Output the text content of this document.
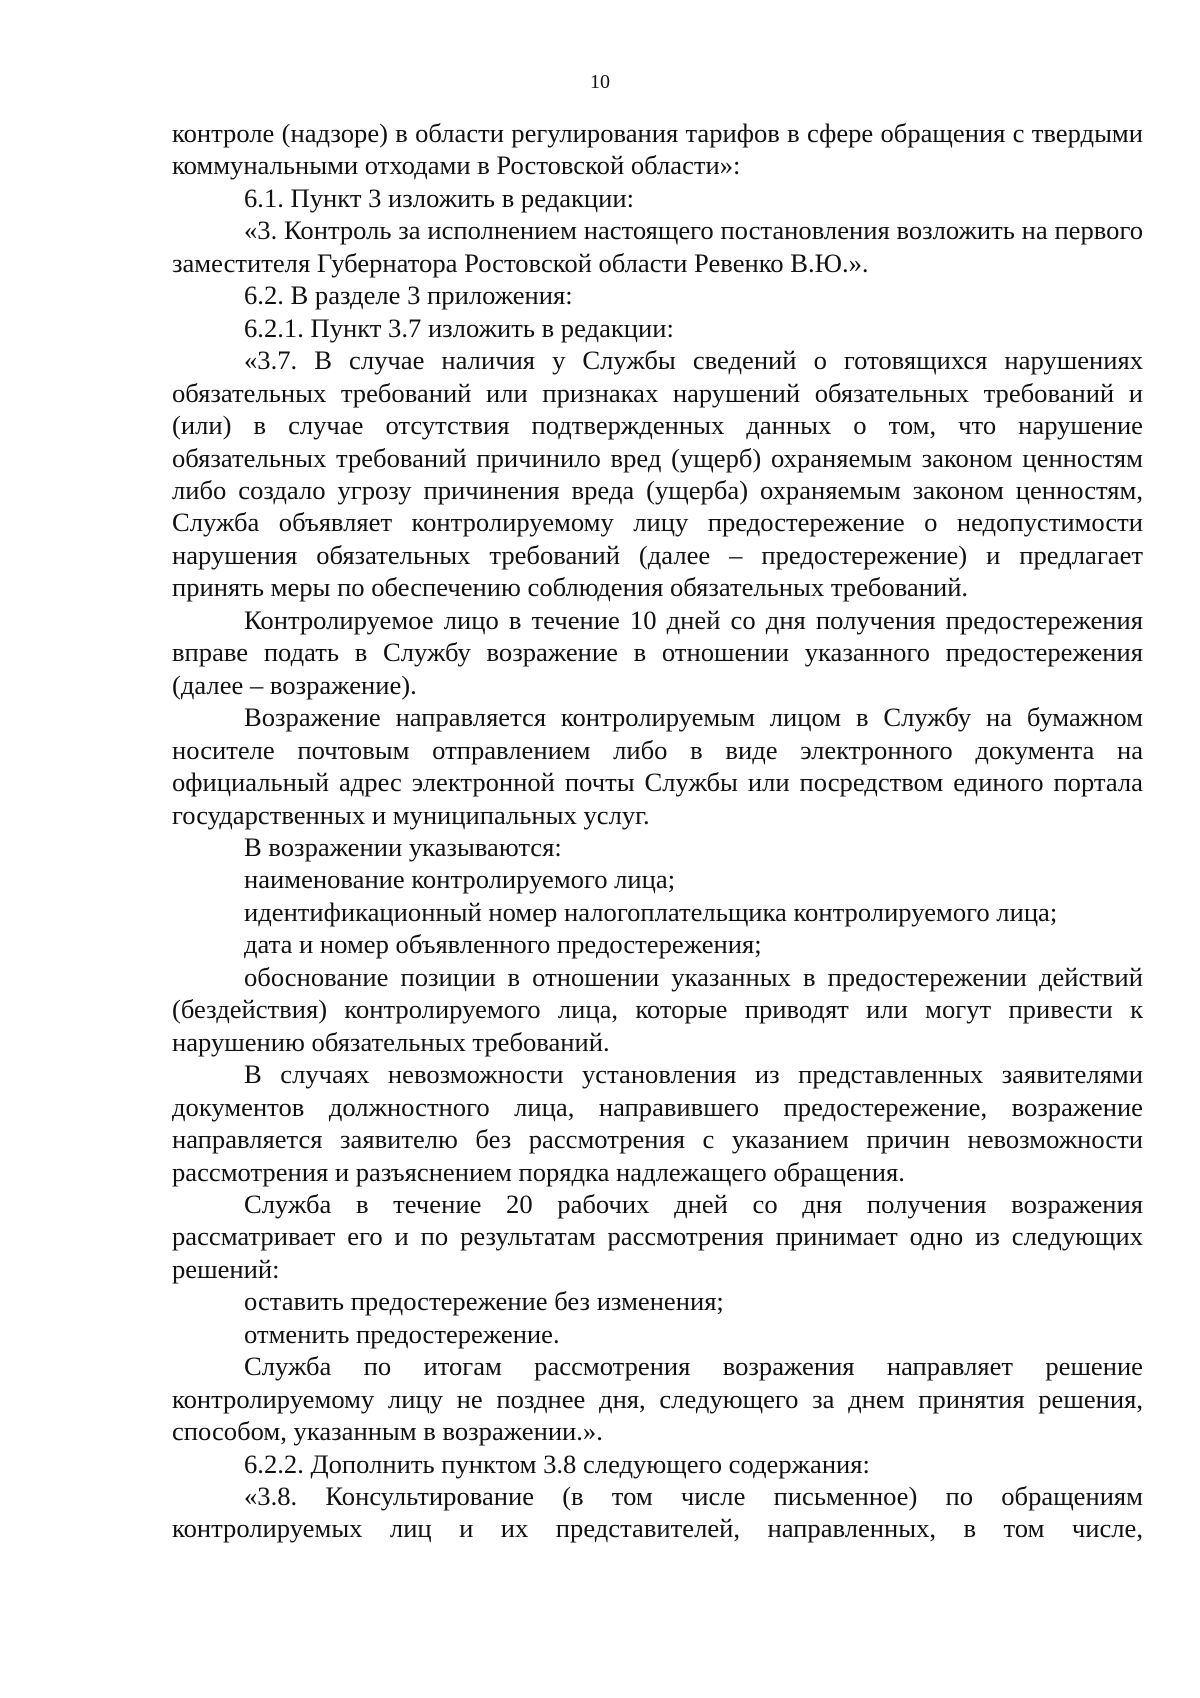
10

контроле (надзоре) в области регулирования тарифов в сфере обращения с твердыми коммунальными отходами в Ростовской области»:

6.1. Пункт 3 изложить в редакции:

«3. Контроль за исполнением настоящего постановления возложить на первого заместителя Губернатора Ростовской области Ревенко В.Ю.».

6.2. В разделе 3 приложения:

6.2.1. Пункт 3.7 изложить в редакции:

«3.7. В случае наличия у Службы сведений о готовящихся нарушениях обязательных требований или признаках нарушений обязательных требований и (или) в случае отсутствия подтвержденных данных о том, что нарушение обязательных требований причинило вред (ущерб) охраняемым законом ценностям либо создало угрозу причинения вреда (ущерба) охраняемым законом ценностям, Служба объявляет контролируемому лицу предостережение о недопустимости нарушения обязательных требований (далее – предостережение) и предлагает принять меры по обеспечению соблюдения обязательных требований.

Контролируемое лицо в течение 10 дней со дня получения предостережения вправе подать в Службу возражение в отношении указанного предостережения (далее – возражение).

Возражение направляется контролируемым лицом в Службу на бумажном носителе почтовым отправлением либо в виде электронного документа на официальный адрес электронной почты Службы или посредством единого портала государственных и муниципальных услуг.

В возражении указываются:

наименование контролируемого лица;

идентификационный номер налогоплательщика контролируемого лица;

дата и номер объявленного предостережения;

обоснование позиции в отношении указанных в предостережении действий (бездействия) контролируемого лица, которые приводят или могут привести к нарушению обязательных требований.

В случаях невозможности установления из представленных заявителями документов должностного лица, направившего предостережение, возражение направляется заявителю без рассмотрения с указанием причин невозможности рассмотрения и разъяснением порядка надлежащего обращения.

Служба в течение 20 рабочих дней со дня получения возражения рассматривает его и по результатам рассмотрения принимает одно из следующих решений:

оставить предостережение без изменения;

отменить предостережение.

Служба по итогам рассмотрения возражения направляет решение контролируемому лицу не позднее дня, следующего за днем принятия решения, способом, указанным в возражении.».

6.2.2. Дополнить пунктом 3.8 следующего содержания:

«3.8. Консультирование (в том числе письменное) по обращениям контролируемых лиц и их представителей, направленных, в том числе,
